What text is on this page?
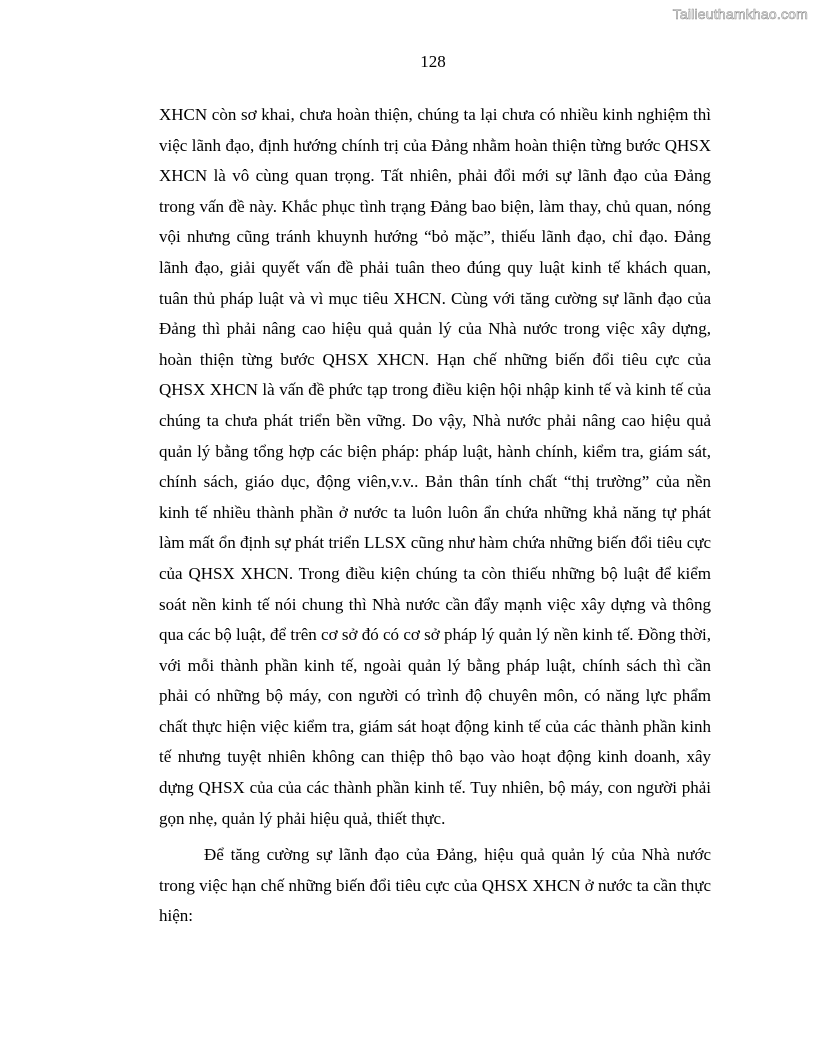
Tailieuthamkhao.com
128

XHCN còn sơ khai, chưa hoàn thiện, chúng ta lại chưa có nhiều kinh nghiệm thì việc lãnh đạo, định hướng chính trị của Đảng nhằm hoàn thiện từng bước QHSX XHCN là vô cùng quan trọng. Tất nhiên, phải đổi mới sự lãnh đạo của Đảng trong vấn đề này. Khắc phục tình trạng Đảng bao biện, làm thay, chủ quan, nóng vội nhưng cũng tránh khuynh hướng “bỏ mặc”, thiếu lãnh đạo, chỉ đạo. Đảng lãnh đạo, giải quyết vấn đề phải tuân theo đúng quy luật kinh tế khách quan, tuân thủ pháp luật và vì mục tiêu XHCN. Cùng với tăng cường sự lãnh đạo của Đảng thì phải nâng cao hiệu quả quản lý của Nhà nước trong việc xây dựng, hoàn thiện từng bước QHSX XHCN. Hạn chế những biến đổi tiêu cực của QHSX XHCN là vấn đề phức tạp trong điều kiện hội nhập kinh tế và kinh tế của chúng ta chưa phát triển bền vững. Do vậy, Nhà nước phải nâng cao hiệu quả quản lý bằng tổng hợp các biện pháp: pháp luật, hành chính, kiểm tra, giám sát, chính sách, giáo dục, động viên,v.v.. Bản thân tính chất “thị trường” của nền kinh tế nhiều thành phần ở nước ta luôn luôn ẩn chứa những khả năng tự phát làm mất ổn định sự phát triển LLSX cũng như hàm chứa những biến đổi tiêu cực của QHSX XHCN. Trong điều kiện chúng ta còn thiếu những bộ luật để kiểm soát nền kinh tế nói chung thì Nhà nước cần đẩy mạnh việc xây dựng và thông qua các bộ luật, để trên cơ sở đó có cơ sở pháp lý quản lý nền kinh tế. Đồng thời, với mỗi thành phần kinh tế, ngoài quản lý bằng pháp luật, chính sách thì cần phải có những bộ máy, con người có trình độ chuyên môn, có năng lực phẩm chất thực hiện việc kiểm tra, giám sát hoạt động kinh tế của các thành phần kinh tế nhưng tuyệt nhiên không can thiệp thô bạo vào hoạt động kinh doanh, xây dựng QHSX của của các thành phần kinh tế. Tuy nhiên, bộ máy, con người phải gọn nhẹ, quản lý phải hiệu quả, thiết thực.

Để tăng cường sự lãnh đạo của Đảng, hiệu quả quản lý của Nhà nước trong việc hạn chế những biến đổi tiêu cực của QHSX XHCN ở nước ta cần thực hiện:
